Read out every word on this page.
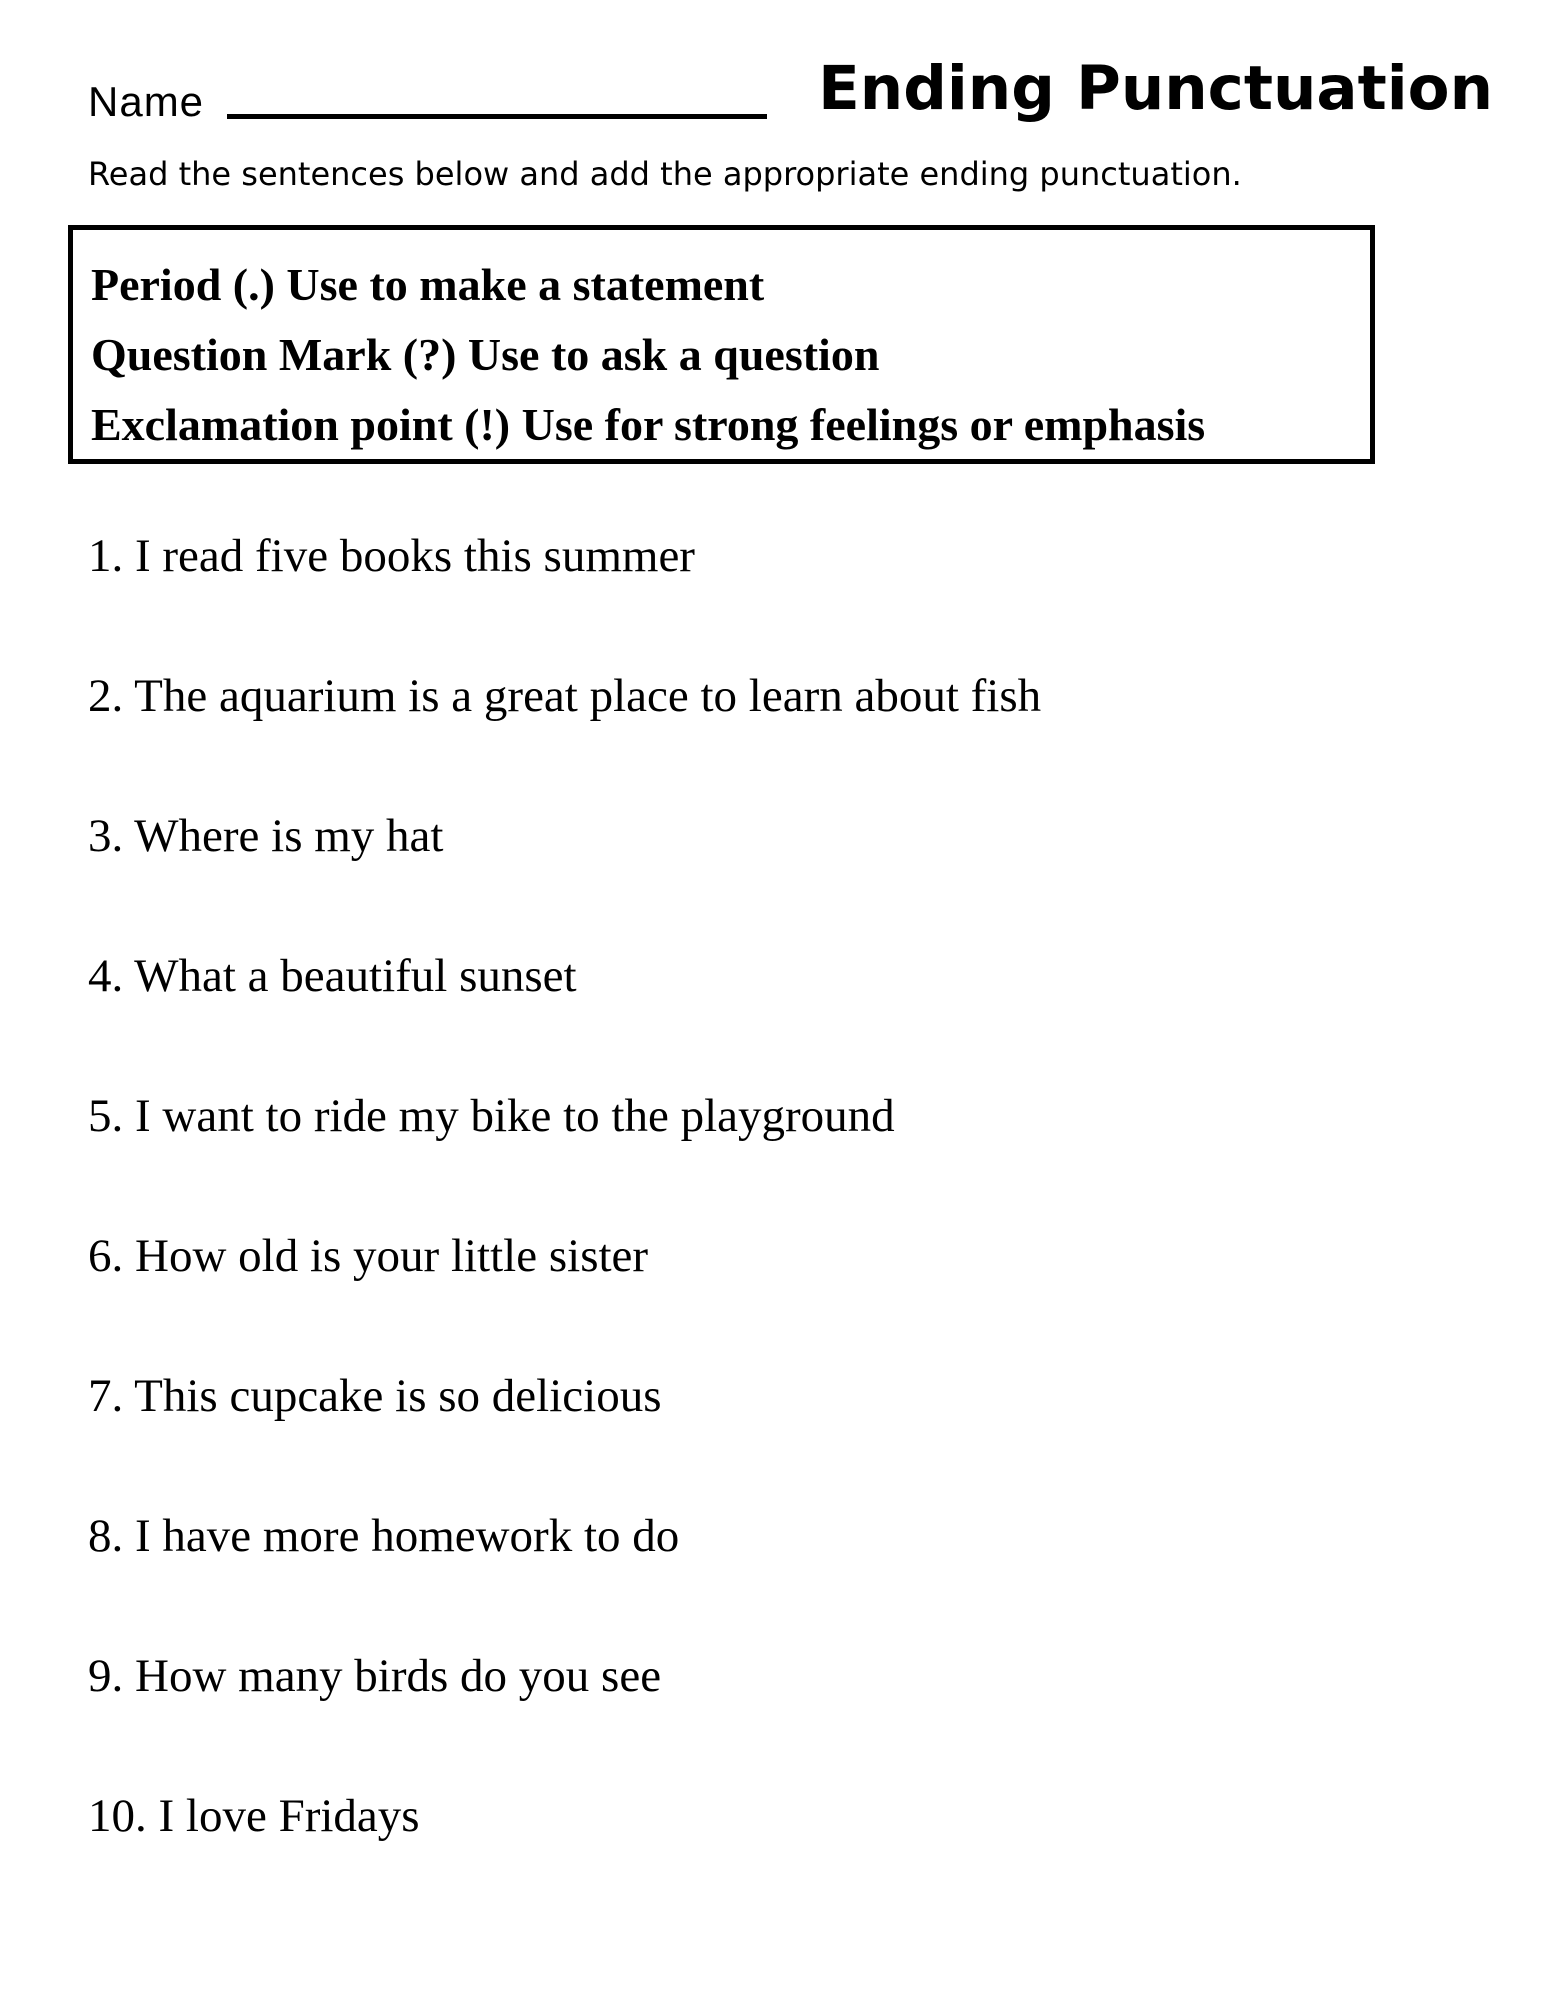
Name	Ending Punctuation
Read the sentences below and add the appropriate ending punctuation.
Period (.) Use to make a statement
Question Mark (?) Use to ask a question
Exclamation point (!) Use for strong feelings or emphasis
1. I read five books this summer
2. The aquarium is a great place to learn about fish
3. Where is my hat
4. What a beautiful sunset
5. I want to ride my bike to the playground
6. How old is your little sister
7. This cupcake is so delicious
8. I have more homework to do
9. How many birds do you see
10. I love Fridays
